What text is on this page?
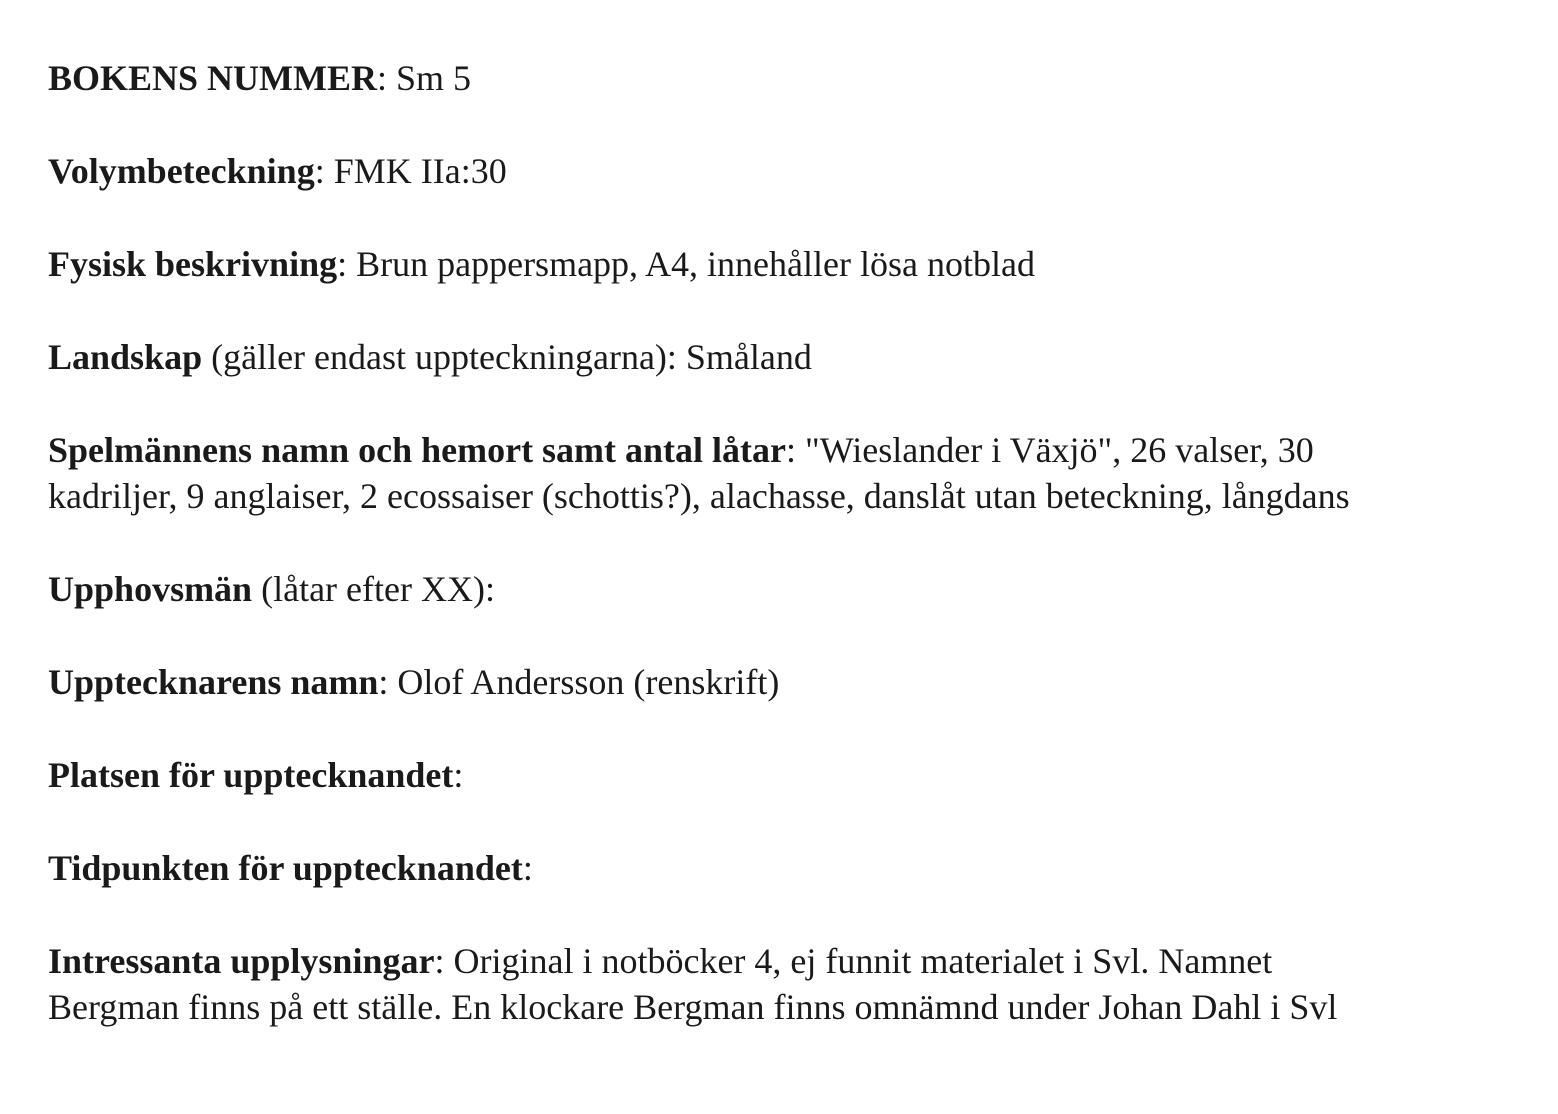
BOKENS NUMMER: Sm 5
Volymbeteckning: FMK IIa:30
Fysisk beskrivning: Brun pappersmapp, A4, innehåller lösa notblad
Landskap (gäller endast uppteckningarna): Småland
Spelmännens namn och hemort samt antal låtar: "Wieslander i Växjö", 26 valser, 30
kadriljer, 9 anglaiser, 2 ecossaiser (schottis?), alachasse, danslåt utan beteckning, långdans
Upphovsmän (låtar efter XX):
Upptecknarens namn: Olof Andersson (renskrift)
Platsen för upptecknandet:
Tidpunkten för upptecknandet:
Intressanta upplysningar: Original i notböcker 4, ej funnit materialet i Svl. Namnet
Bergman finns på ett ställe. En klockare Bergman finns omnämnd under Johan Dahl i Svl
